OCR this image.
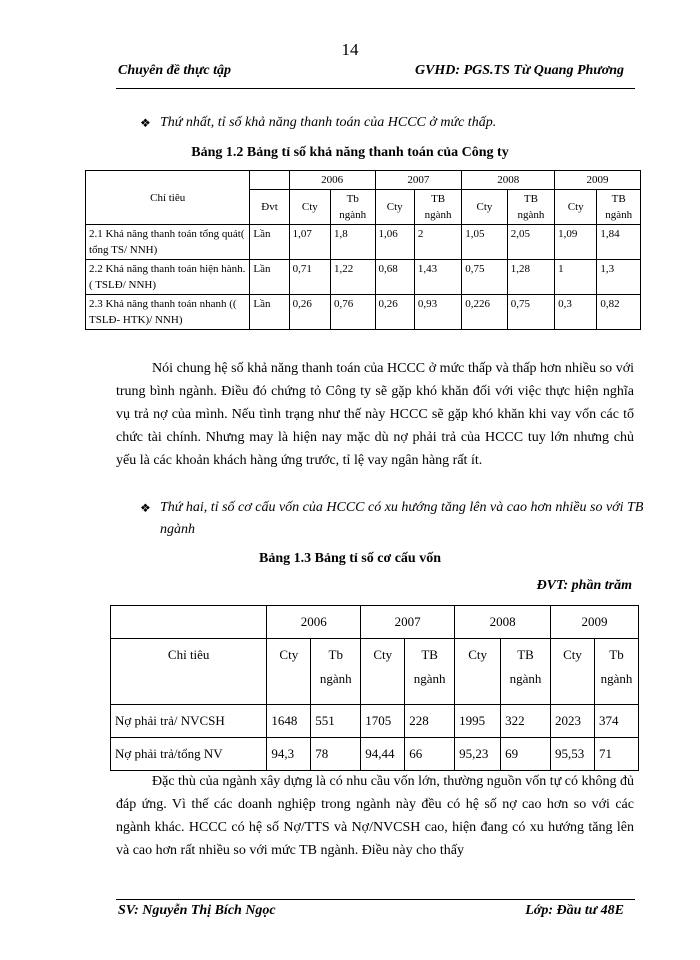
14
Chuyên đề thực tập	GVHD: PGS.TS Từ Quang Phương
❖ Thứ nhất, tỉ số khả năng thanh toán của HCCC ở mức thấp.
Bảng 1.2 Bảng tỉ số khả năng thanh toán của Công ty
Chỉ tiêu		2006		2007		2008		2009	
	Đvt	Cty	Tb ngành	Cty	TB ngành	Cty	TB ngành	Cty	TB ngành
2.1 Khả năng thanh toán tổng quát( tổng TS/ NNH)	Lần	1,07	1,8	1,06	2	1,05	2,05	1,09	1,84
2.2 Khả năng thanh toán hiện hành.( TSLĐ/ NNH)	Lần	0,71	1,22	0,68	1,43	0,75	1,28	1	1,3
2.3 Khả năng thanh toán nhanh (( TSLĐ- HTK)/ NNH)	Lần	0,26	0,76	0,26	0,93	0,226	0,75	0,3	0,82

Nói chung hệ số khả năng thanh toán của HCCC ở mức thấp và thấp hơn nhiều so với trung bình ngành. Điều đó chứng tỏ Công ty sẽ gặp khó khăn đối với việc thực hiện nghĩa vụ trả nợ của mình. Nếu tình trạng như thế này HCCC sẽ gặp khó khăn khi vay vốn các tổ chức tài chính. Nhưng may là hiện nay mặc dù nợ phải trả của HCCC tuy lớn nhưng chủ yếu là các khoản khách hàng ứng trước, tỉ lệ vay ngân hàng rất ít.

❖ Thứ hai, tỉ số cơ cấu vốn của HCCC có xu hướng tăng lên và cao hơn nhiều so với TB ngành
Bảng 1.3 Bảng tỉ số cơ cấu vốn
ĐVT: phần trăm
	2006		2007		2008		2009	
Chỉ tiêu	Cty	Tb ngành	Cty	TB ngành	Cty	TB ngành	Cty	Tb ngành
Nợ phải trả/ NVCSH	1648	551	1705	228	1995	322	2023	374
Nợ phải trả/tổng NV	94,3	78	94,44	66	95,23	69	95,53	71

Đặc thù của ngành xây dựng là có nhu cầu vốn lớn, thường nguồn vốn tự có không đủ đáp ứng. Vì thế các doanh nghiệp trong ngành này đều có hệ số nợ cao hơn so với các ngành khác. HCCC có hệ số Nợ/TTS và Nợ/NVCSH cao, hiện đang có xu hướng tăng lên và cao hơn rất nhiều so với mức TB ngành. Điều này cho thấy

SV: Nguyễn Thị Bích Ngọc	Lớp: Đầu tư 48E
